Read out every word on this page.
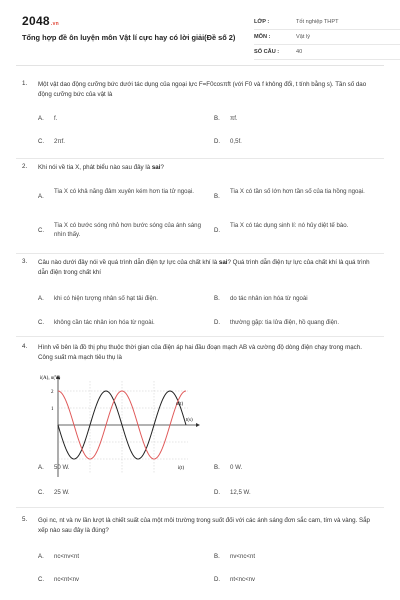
2048.vn
Tổng hợp đề ôn luyện môn Vật lí cực hay có lời giải(Đề số 2)
LỚP :	Tốt nghiệp THPT
MÔN :	Vật lý
SỐ CÂU :	40
1. Một vật dao động cưỡng bức dưới tác dụng của ngoại lực F=F0cosπft (với F0 và f không đổi, t tính bằng s). Tần số dao động cưỡng bức của vật là
A. f.	B. πf.
C. 2πf.	D. 0,5f.
2. Khi nói về tia X, phát biểu nào sau đây là sai?
A.
Tia X có khả năng đâm xuyên kém hơn tia tử ngoại.
B.
Tia X có tần số lớn hơn tần số của tia hồng ngoại.
C.
Tia X có bước sóng nhỏ hơn bước sóng của ánh sáng nhìn thấy.
D.
Tia X có tác dụng sinh lí: nó hủy diệt tế bào.
3. Câu nào dưới đây nói về quá trình dẫn điện tự lực của chất khí là sai? Quá trình dẫn điện tự lực của chất khí là quá trình dẫn điện trong chất khí
A. khi có hiện tượng nhân số hạt tải điện.	B. do tác nhân ion hóa từ ngoài
C. không cần tác nhân ion hóa từ ngoài.	D. thường gặp: tia lửa điện, hồ quang điện.
4. Hình vẽ bên là đồ thị phụ thuộc thời gian của điện áp hai đầu đoạn mạch AB và cường độ dòng điện chạy trong mạch. Công suất mà mạch tiêu thụ là
i(A), u(V)
2
1
u(t)
t(s)
i(t)
A. 50 W.	B. 0 W.
C. 25 W.	D. 12,5 W.
5. Gọi nc, nt và nv lần lượt là chiết suất của một môi trường trong suốt đối với các ánh sáng đơn sắc cam, tím và vàng. Sắp xếp nào sau đây là đúng?
A. nc<nv<nt	B. nv<nc<nt
C. nc<nt<nv	D. nt<nc<nv
